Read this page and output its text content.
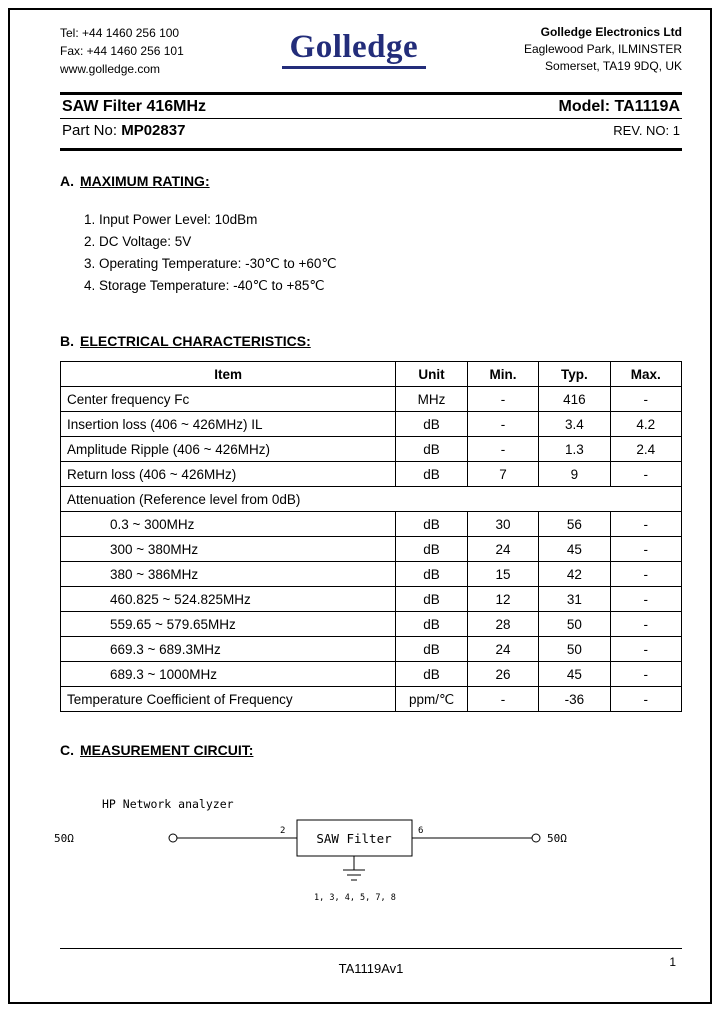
Tel: +44 1460 256 100
Fax: +44 1460 256 101
www.golledge.com
Golledge	Golledge Electronics Ltd
Eaglewood Park, ILMINSTER
Somerset, TA19 9DQ, UK
SAW Filter 416MHz	Model: TA1119A
Part No: MP02837	REV. NO: 1
A. MAXIMUM RATING:
1. Input Power Level: 10dBm
2. DC Voltage: 5V
3. Operating Temperature: -30℃ to +60℃
4. Storage Temperature: -40℃ to +85℃
B. ELECTRICAL CHARACTERISTICS:
Item	Unit	Min.	Typ.	Max.
Center frequency Fc	MHz	-	416	-
Insertion loss (406 ~ 426MHz) IL	dB	-	3.4	4.2
Amplitude Ripple (406 ~ 426MHz)	dB	-	1.3	2.4
Return loss (406 ~ 426MHz)	dB	7	9	-
Attenuation (Reference level from 0dB)				
0.3 ~ 300MHz	dB	30	56	-
300 ~ 380MHz	dB	24	45	-
380 ~ 386MHz	dB	15	42	-
460.825 ~ 524.825MHz	dB	12	31	-
559.65 ~ 579.65MHz	dB	28	50	-
669.3 ~ 689.3MHz	dB	24	50	-
689.3 ~ 1000MHz	dB	26	45	-
Temperature Coefficient of Frequency	ppm/℃	-	-36	-
C. MEASUREMENT CIRCUIT:
HP Network analyzer
50Ω
2 SAW Filter	6
50Ω
1, 3, 4, 5, 7, 8
TA1119Av1	1
